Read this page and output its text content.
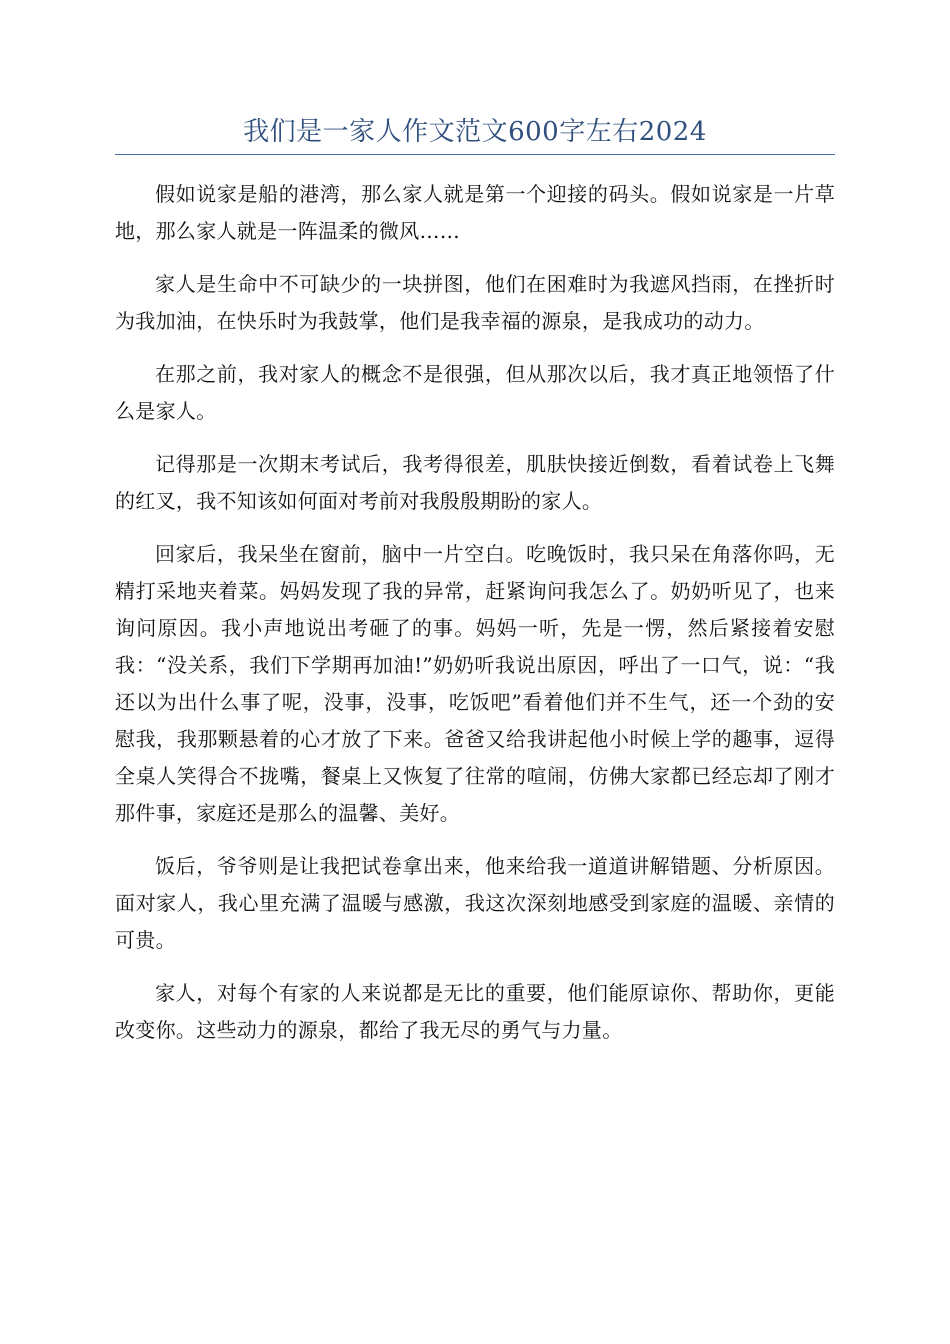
我们是一家人作文范文600字左右2024

假如说家是船的港湾，那么家人就是第一个迎接的码头。假如说家是一片草地，那么家人就是一阵温柔的微风……

家人是生命中不可缺少的一块拼图，他们在困难时为我遮风挡雨，在挫折时为我加油，在快乐时为我鼓掌，他们是我幸福的源泉，是我成功的动力。

在那之前，我对家人的概念不是很强，但从那次以后，我才真正地领悟了什么是家人。

记得那是一次期末考试后，我考得很差，肌肤快接近倒数，看着试卷上飞舞的红叉，我不知该如何面对考前对我殷殷期盼的家人。

回家后，我呆坐在窗前，脑中一片空白。吃晚饭时，我只呆在角落你吗，无精打采地夹着菜。妈妈发现了我的异常，赶紧询问我怎么了。奶奶听见了，也来询问原因。我小声地说出考砸了的事。妈妈一听，先是一愣，然后紧接着安慰我：“没关系，我们下学期再加油!”奶奶听我说出原因，呼出了一口气，说：“我还以为出什么事了呢，没事，没事，吃饭吧”看着他们并不生气，还一个劲的安慰我，我那颗悬着的心才放了下来。爸爸又给我讲起他小时候上学的趣事，逗得全桌人笑得合不拢嘴，餐桌上又恢复了往常的喧闹，仿佛大家都已经忘却了刚才那件事，家庭还是那么的温馨、美好。

饭后，爷爷则是让我把试卷拿出来，他来给我一道道讲解错题、分析原因。面对家人，我心里充满了温暖与感激，我这次深刻地感受到家庭的温暖、亲情的可贵。

家人，对每个有家的人来说都是无比的重要，他们能原谅你、帮助你，更能改变你。这些动力的源泉，都给了我无尽的勇气与力量。
